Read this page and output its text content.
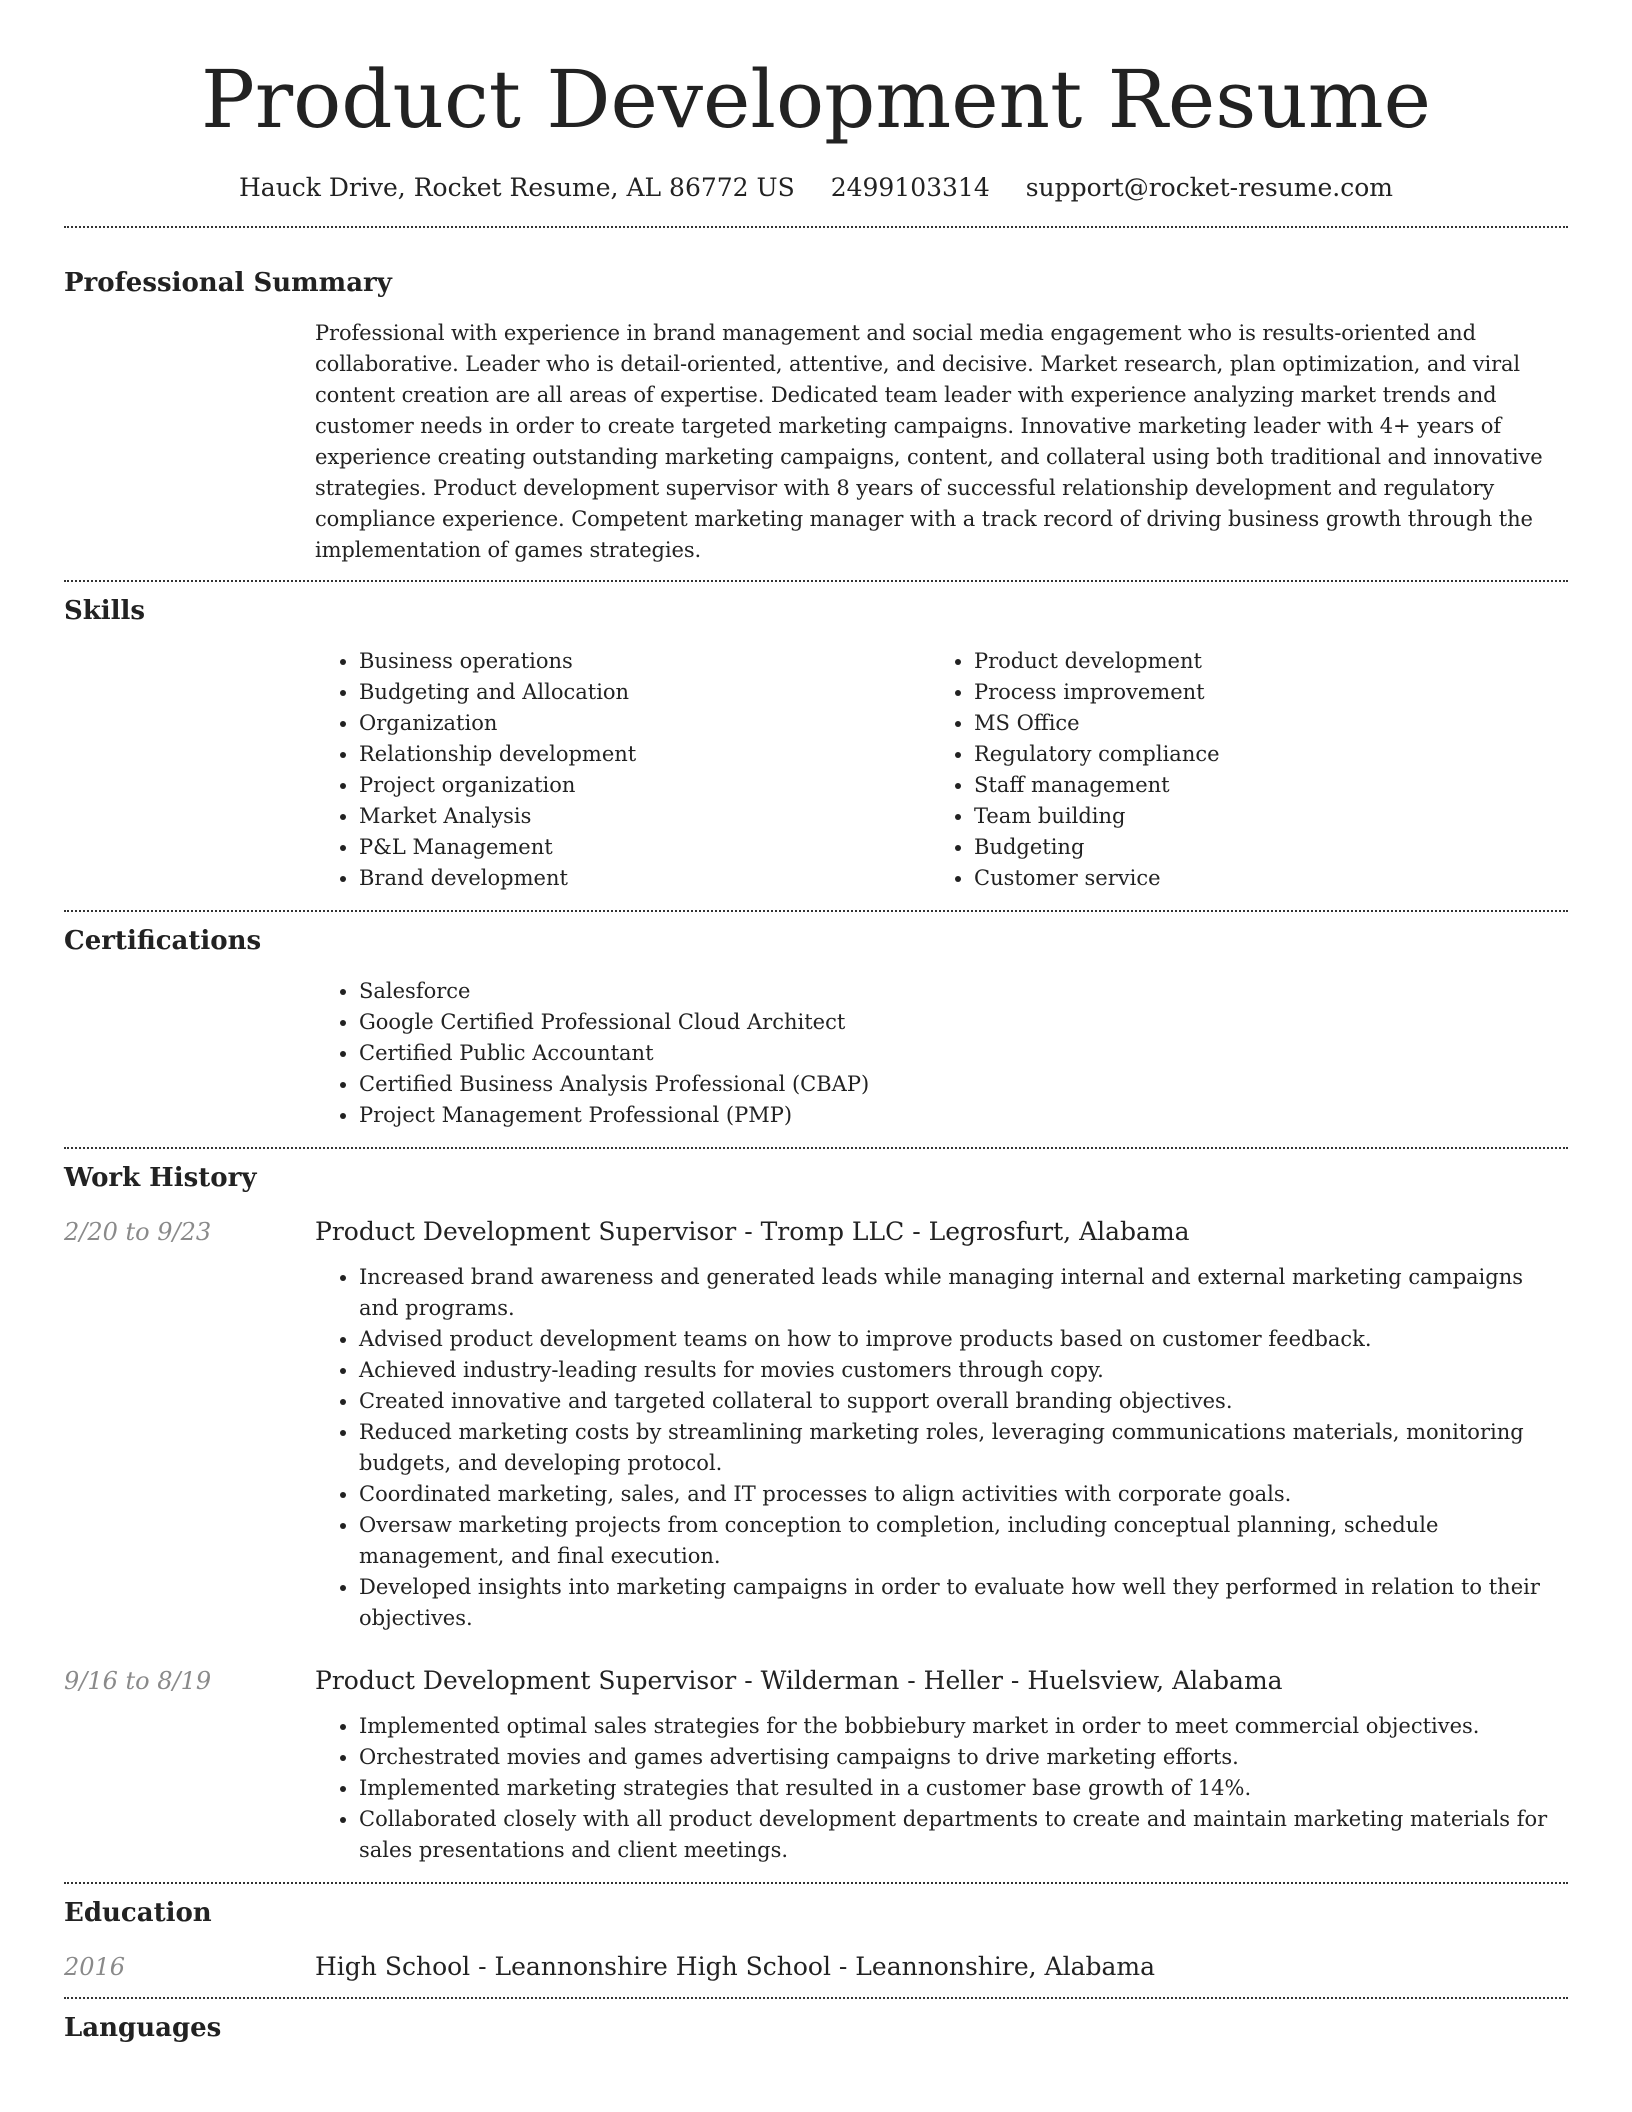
Product Development Resume
Hauck Drive, Rocket Resume, AL 86772 US 2499103314 support@rocket-resume.com
Professional Summary

Professional with experience in brand management and social media engagement who is results-oriented and collaborative. Leader who is detail-oriented, attentive, and decisive. Market research, plan optimization, and viral content creation are all areas of expertise. Dedicated team leader with experience analyzing market trends and customer needs in order to create targeted marketing campaigns. Innovative marketing leader with 4+ years of experience creating outstanding marketing campaigns, content, and collateral using both traditional and innovative strategies. Product development supervisor with 8 years of successful relationship development and regulatory compliance experience. Competent marketing manager with a track record of driving business growth through the implementation of games strategies.

Skills
• Business operations
• Budgeting and Allocation
• Organization
• Relationship development
• Project organization
• Market Analysis
• P&L Management
• Brand development
• Product development
• Process improvement
• MS Office
• Regulatory compliance
• Staff management
• Team building
• Budgeting
• Customer service
Certifications
• Salesforce
• Google Certified Professional Cloud Architect
• Certified Public Accountant
• Certified Business Analysis Professional (CBAP)
• Project Management Professional (PMP)
Work History
2/20 to 9/23	Product Development Supervisor - Tromp LLC - Legrosfurt, Alabama
• Increased brand awareness and generated leads while managing internal and external marketing campaigns and programs.
• Advised product development teams on how to improve products based on customer feedback.
• Achieved industry-leading results for movies customers through copy.
• Created innovative and targeted collateral to support overall branding objectives.
• Reduced marketing costs by streamlining marketing roles, leveraging communications materials, monitoring budgets, and developing protocol.
• Coordinated marketing, sales, and IT processes to align activities with corporate goals.
• Oversaw marketing projects from conception to completion, including conceptual planning, schedule management, and final execution.
• Developed insights into marketing campaigns in order to evaluate how well they performed in relation to their objectives.
9/16 to 8/19	Product Development Supervisor - Wilderman - Heller - Huelsview, Alabama
• Implemented optimal sales strategies for the bobbiebury market in order to meet commercial objectives.
• Orchestrated movies and games advertising campaigns to drive marketing efforts.
• Implemented marketing strategies that resulted in a customer base growth of 14%.
• Collaborated closely with all product development departments to create and maintain marketing materials for sales presentations and client meetings.
Education
2016	High School - Leannonshire High School - Leannonshire, Alabama
Languages
